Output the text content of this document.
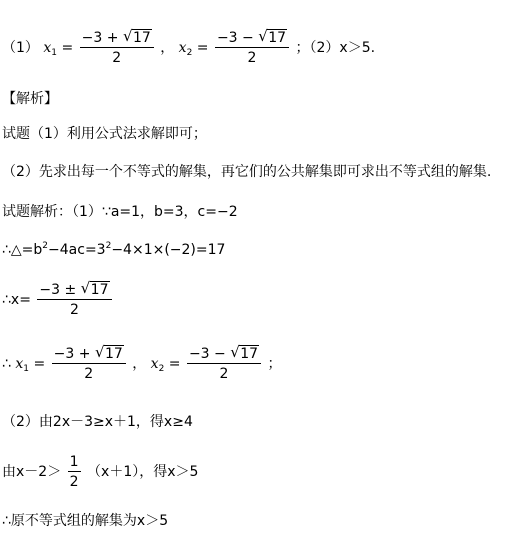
（1） $x_1 = \frac{-3 + √ 17}{2}$ ， $x_2 = \frac{-3 - √ 17}{2}$ ；（2）x＞5.
【解析】
试题（1）利用公式法求解即可；
（2）先求出每一个不等式的解集，再它们的公共解集即可求出不等式组的解集.
试题解析：（1）∵a=1，b=3，c=−2
$\therefore\triangle=b^2-4ac=3^2-4\times 1\times(-2)=17$
∴x= $\frac{-3 \pm √ 17}{2}$
∴ $x_1 = \frac{-3 + √ 17}{2}$ ， $x_2 = \frac{-3 - √ 17}{2}$ ；
（2）由2x－3≥x＋1，得x≥4
由$x-2> \frac{1}{2} (x+1)$，得x＞5
∴原不等式组的解集为x＞5
